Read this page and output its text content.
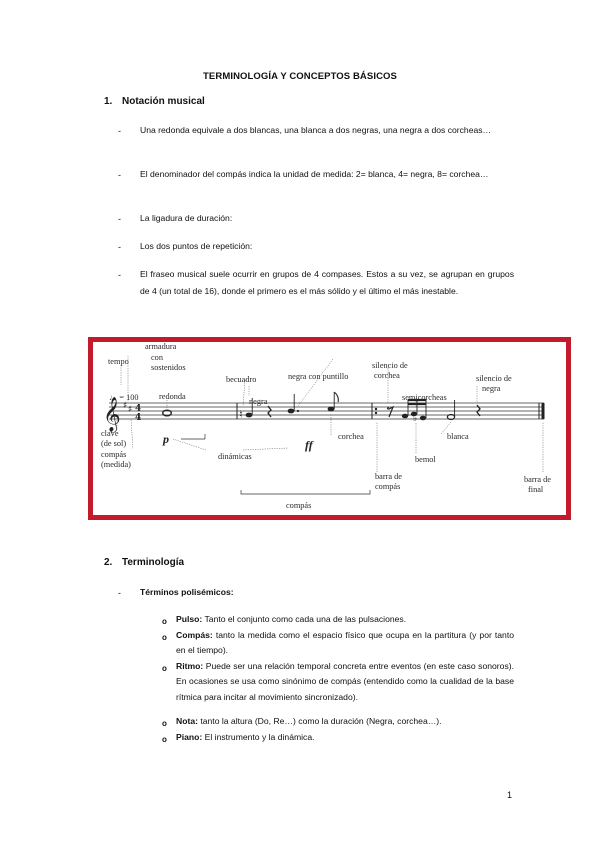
TERMINOLOGÍA Y CONCEPTOS BÁSICOS
1. Notación musical
- Una redonda equivale a dos blancas, una blanca a dos negras, una negra a dos corcheas…
- El denominador del compás indica la unidad de medida: 2= blanca, 4= negra, 8= corchea…
- La ligadura de duración:
- Los dos puntos de repetición:
- El fraseo musical suele ocurrir en grupos de 4 compases. Estos a su vez, se agrupan en grupos de 4 (un total de 16), donde el primero es el más sólido y el último el más inestable.
𝄞 ♯ ♯ 4
4	♮	♭
tempo
♩ = 100
armadura
con
sostenidos
redonda
becuadro
negra
negra con puntillo
silencio de
corchea
semicorcheas
silencio de
negra
clave
(de sol)
compás
(medida)
p	ff
dinámicas
corchea	blanca
bemol
barra de
compás
barra de
final
compás
2. Terminología
- Términos polisémicos:
o Pulso: Tanto el conjunto como cada una de las pulsaciones.
o Compás: tanto la medida como el espacio físico que ocupa en la partitura (y por tanto en el tiempo).
o Ritmo: Puede ser una relación temporal concreta entre eventos (en este caso sonoros). En ocasiones se usa como sinónimo de compás (entendido como la cualidad de la base rítmica para incitar al movimiento sincronizado).
o Nota: tanto la altura (Do, Re…) como la duración (Negra, corchea…).
o Piano: El instrumento y la dinámica.
1
